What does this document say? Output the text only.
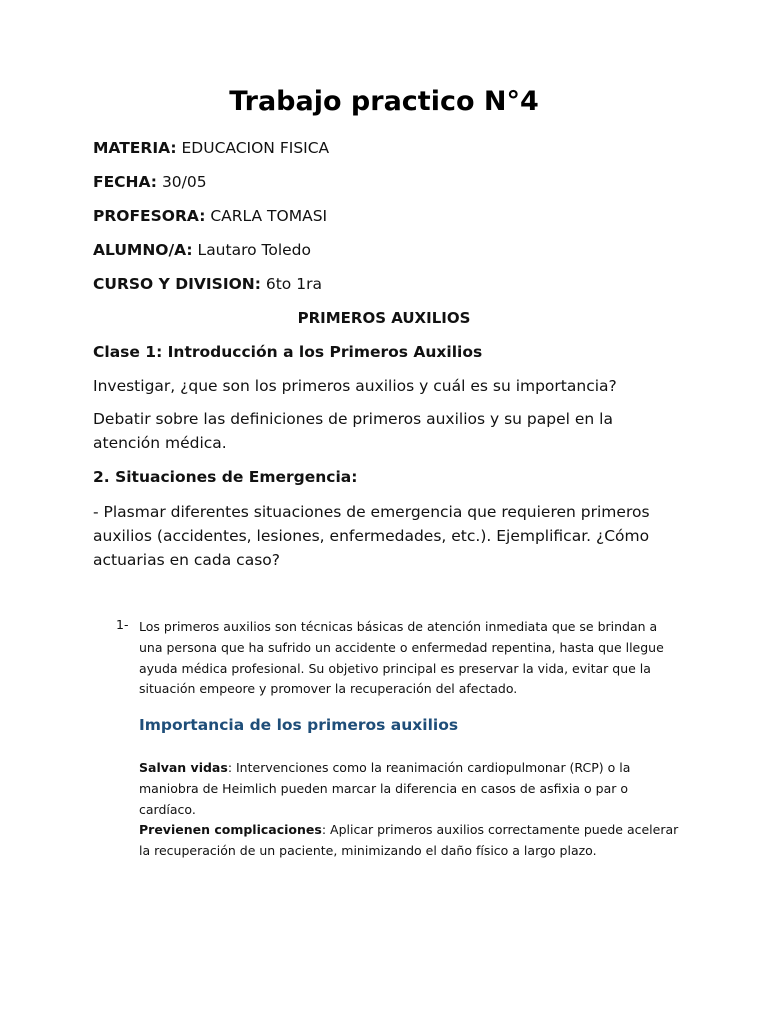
Trabajo practico N°4

MATERIA: EDUCACION FISICA

FECHA: 30/05

PROFESORA: CARLA TOMASI

ALUMNO/A: Lautaro Toledo

CURSO Y DIVISION: 6to 1ra

PRIMEROS AUXILIOS

Clase 1: Introducción a los Primeros Auxilios

Investigar, ¿que son los primeros auxilios y cuál es su importancia?

Debatir sobre las definiciones de primeros auxilios y su papel en la atención médica.

2. Situaciones de Emergencia:

- Plasmar diferentes situaciones de emergencia que requieren primeros auxilios (accidentes, lesiones, enfermedades, etc.). Ejemplificar. ¿Cómo actuarias en cada caso?

1- Los primeros auxilios son técnicas básicas de atención inmediata que se brindan a una persona que ha sufrido un accidente o enfermedad repentina, hasta que llegue ayuda médica profesional. Su objetivo principal es preservar la vida, evitar que la situación empeore y promover la recuperación del afectado.

Importancia de los primeros auxilios

Salvan vidas: Intervenciones como la reanimación cardiopulmonar (RCP) o la maniobra de Heimlich pueden marcar la diferencia en casos de asfixia o par o cardíaco.

Previenen complicaciones: Aplicar primeros auxilios correctamente puede acelerar la recuperación de un paciente, minimizando el daño físico a largo plazo.
